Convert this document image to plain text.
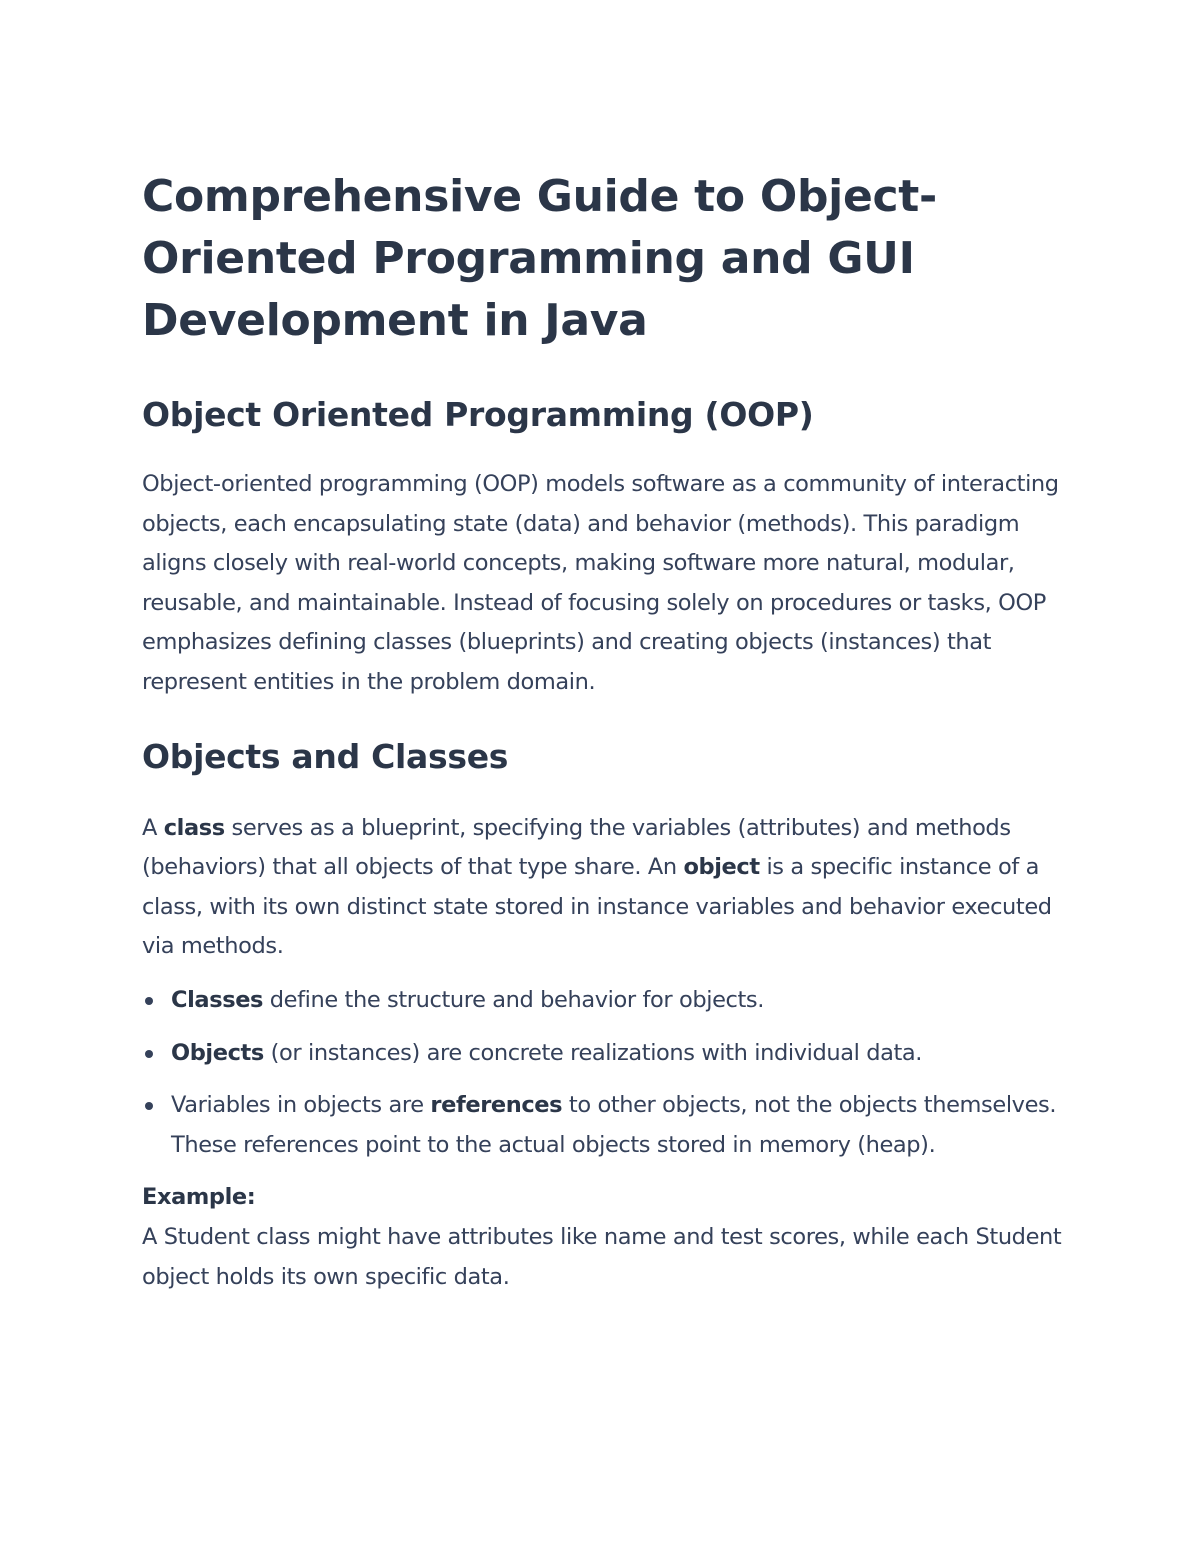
Comprehensive Guide to Object-
Oriented Programming and GUI
Development in Java
Object Oriented Programming (OOP)

Object-oriented programming (OOP) models software as a community of interacting objects, each encapsulating state (data) and behavior (methods). This paradigm aligns closely with real-world concepts, making software more natural, modular, reusable, and maintainable. Instead of focusing solely on procedures or tasks, OOP emphasizes defining classes (blueprints) and creating objects (instances) that represent entities in the problem domain.

Objects and Classes

A class serves as a blueprint, specifying the variables (attributes) and methods (behaviors) that all objects of that type share. An object is a specific instance of a class, with its own distinct state stored in instance variables and behavior executed via methods.

Classes define the structure and behavior for objects.
Objects (or instances) are concrete realizations with individual data.
Variables in objects are references to other objects, not the objects themselves. These references point to the actual objects stored in memory (heap).
Example:

A Student class might have attributes like name and test scores, while each Student object holds its own specific data.
